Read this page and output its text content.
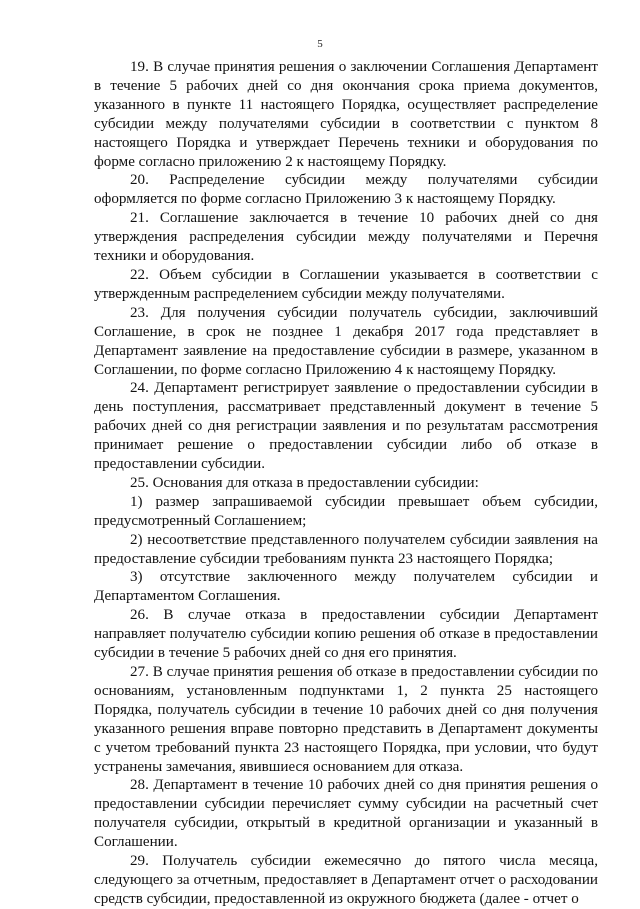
5

19. В случае принятия решения о заключении Соглашения Департамент в течение 5 рабочих дней со дня окончания срока приема документов, указанного в пункте 11 настоящего Порядка, осуществляет распределение субсидии между получателями субсидии в соответствии с пунктом 8 настоящего Порядка и утверждает Перечень техники и оборудования по форме согласно приложению 2 к настоящему Порядку.

20. Распределение субсидии между получателями субсидии оформляется по форме согласно Приложению 3 к настоящему Порядку.

21. Соглашение заключается в течение 10 рабочих дней со дня утверждения распределения субсидии между получателями и Перечня техники и оборудования.

22. Объем субсидии в Соглашении указывается в соответствии с утвержденным распределением субсидии между получателями.

23. Для получения субсидии получатель субсидии, заключивший Соглашение, в срок не позднее 1 декабря 2017 года представляет в Департамент заявление на предоставление субсидии в размере, указанном в Соглашении, по форме согласно Приложению 4 к настоящему Порядку.

24. Департамент регистрирует заявление о предоставлении субсидии в день поступления, рассматривает представленный документ в течение 5 рабочих дней со дня регистрации заявления и по результатам рассмотрения принимает решение о предоставлении субсидии либо об отказе в предоставлении субсидии.

25. Основания для отказа в предоставлении субсидии:

1) размер запрашиваемой субсидии превышает объем субсидии, предусмотренный Соглашением;

2) несоответствие представленного получателем субсидии заявления на предоставление субсидии требованиям пункта 23 настоящего Порядка;

3) отсутствие заключенного между получателем субсидии и Департаментом Соглашения.

26. В случае отказа в предоставлении субсидии Департамент направляет получателю субсидии копию решения об отказе в предоставлении субсидии в течение 5 рабочих дней со дня его принятия.

27. В случае принятия решения об отказе в предоставлении субсидии по основаниям, установленным подпунктами 1, 2 пункта 25 настоящего Порядка, получатель субсидии в течение 10 рабочих дней со дня получения указанного решения вправе повторно представить в Департамент документы с учетом требований пункта 23 настоящего Порядка, при условии, что будут устранены замечания, явившиеся основанием для отказа.

28. Департамент в течение 10 рабочих дней со дня принятия решения о предоставлении субсидии перечисляет сумму субсидии на расчетный счет получателя субсидии, открытый в кредитной организации и указанный в Соглашении.

29. Получатель субсидии ежемесячно до пятого числа месяца, следующего за отчетным, предоставляет в Департамент отчет о расходовании средств субсидии, предоставленной из окружного бюджета (далее - отчет о
